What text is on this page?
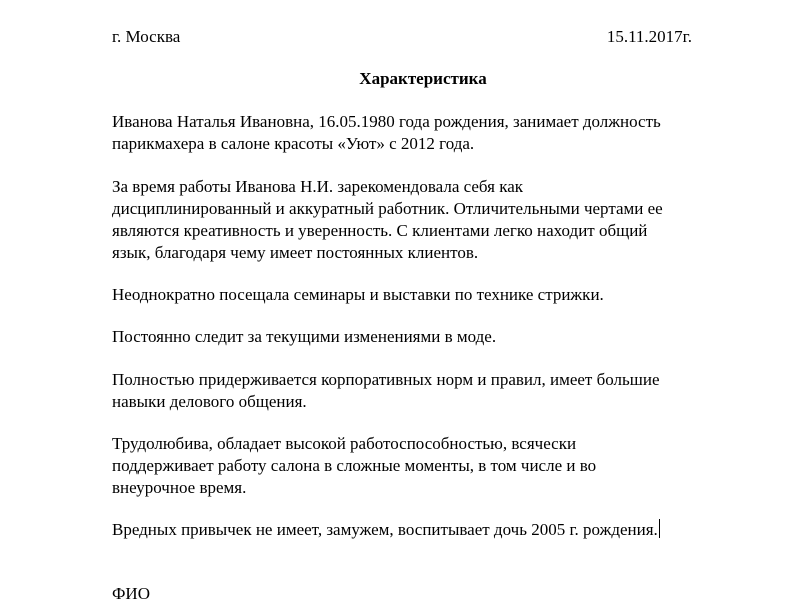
г. Москва	15.11.2017г.
Характеристика

Иванова Наталья Ивановна, 16.05.1980 года рождения, занимает должность
парикмахера в салоне красоты «Уют» с 2012 года.

За время работы Иванова Н.И. зарекомендовала себя как
дисциплинированный и аккуратный работник. Отличительными чертами ее
являются креативность и уверенность. С клиентами легко находит общий
язык, благодаря чему имеет постоянных клиентов.

Неоднократно посещала семинары и выставки по технике стрижки.

Постоянно следит за текущими изменениями в моде.

Полностью придерживается корпоративных норм и правил, имеет большие
навыки делового общения.

Трудолюбива, обладает высокой работоспособностью, всячески
поддерживает работу салона в сложные моменты, в том числе и во
внеурочное время.

Вредных привычек не имеет, замужем, воспитывает дочь 2005 г. рождения.

ФИО
